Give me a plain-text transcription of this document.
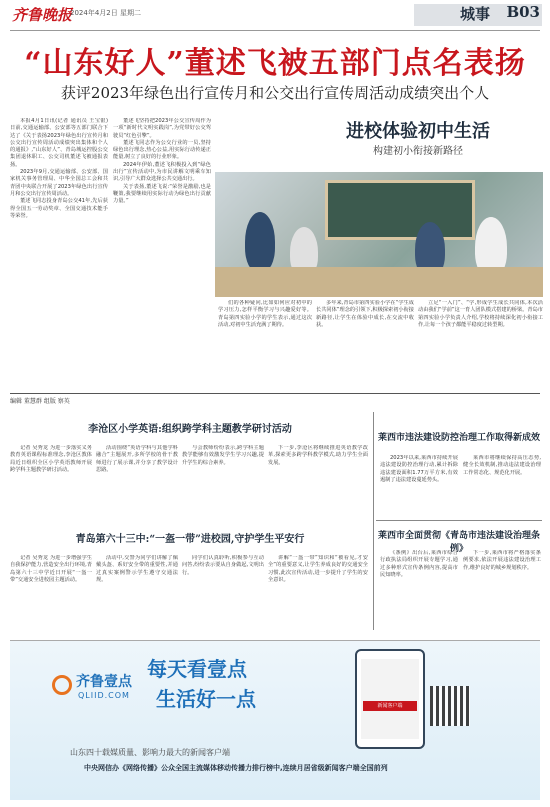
齐鲁晚报
2024年4月2日 星期二	城事 B03
“山东好人”董述飞被五部门点名表扬
获评2023年绿色出行宣传月和公交出行宣传周活动成绩突出个人

本报4月1日讯(记者 通讯员 王宝银) 日前,交通运输部、公安部等五部门联合下达了《关于表扬2023年绿色出行宣传月和公交出行宣传周活动成绩突出集体和个人的通报》,“山东好人”、青岛城运控股公交集团退休职工、公交司机董述飞被通报表扬。

2023年9月,交通运输部、公安部、国家机关事务管理局、中华全国总工会和共青团中央联合开展了2023年绿色出行宣传月和公交出行宣传周活动。

董述飞同志投身青岛公交41年,先后获得全国五一劳动奖章、全国交通技术能手等荣誉。

董述飞坚持把2023年公交宣传周作为一项“新时代文明实践岗”,为党带好公交驾驶员“红色引擎”。

董述飞同志作为公交行业的一员,坚持绿色出行理念,热心公益,用实际行动传递正能量,树立了良好的行业形象。

2024年伊始,董述飞积极投入到“绿色出行”宣传活动中,为市民讲解文明乘车知识,引导广大群众选择公共交通出行。

关于表扬,董述飞说:“荣誉是激励,也是鞭策,我要继续用实际行动为绿色出行贡献力量。”

进校体验初中生活
构建初小衔接新路径

们的各种疑问,比如如何应对初中的学习压力,怎样平衡学习与兴趣爱好等。青岛第四实验小学的学生表示,通过这次活动,对初中生活充满了期待。

多年来,青岛市第四实验小学在“学生成长共同体”理念的引领下,积极探索初小衔接新路径,让学生在体验中成长,在交流中收获。

立足“一入门”、“学,形成学生成长共同体,本次活动由我们“学前”这一育人团队模式搭建的桥梁。青岛市第四实验小学负责人介绍,学校将持续深化初小衔接工作,让每一个孩子都能平稳度过转型期。

编辑 董慧群 组版 察英
李沧区小学英语:组织跨学科主题教学研讨活动

记者 吴秀龙 为进一步落实义务教育英语课程标准理念,李沧区教体局近日组织全区小学英语教师开展跨学科主题教学研讨活动。

活动围绕“英语学科与其他学科融合”主题展开,多所学校的骨干教师进行了展示课,并分享了教学设计思路。

与会教师纷纷表示,跨学科主题教学能够有效激发学生学习兴趣,提升学生的综合素养。

下一步,李沧区将继续推进英语教学改革,探索更多跨学科教学模式,助力学生全面发展。

青岛第六十三中:“一盔一带”进校园,守护学生平安行

记者 吴秀龙 为进一步增强学生自我保护能力,营造安全出行环境,青岛第六十三中学近日开展“一盔一带”交通安全进校园主题活动。

活动中,交警为同学们讲解了佩戴头盔、系好安全带的重要性,并通过真实案例警示学生遵守交通法规。

同学们认真聆听,积极参与互动问答,纷纷表示要从自身做起,文明出行。

讲解“一盔一带”知识和“被看见,才安全”的重要意义,让学生养成良好的交通安全习惯,此次宣传活动,进一步提升了学生的安全意识。

莱西市违法建设防控治理工作取得新成效

2023年以来,莱西市持续开展违法建设防控治理行动,累计拆除违法建设面积1.77万平方米,有效遏制了违法建设蔓延势头。

莱西市将继续保持高压态势,健全长效机制,推动违法建设治理工作常态化、规范化开展。

莱西市全面贯彻《青岛市违法建设治理条例》

《条例》出台后,莱西市综合行政执法局组织开展专题学习,通过多种形式宣传条例内容,提高市民知晓率。

下一步,莱西市将严格落实条例要求,依法开展违法建设治理工作,维护良好的城乡规划秩序。

齐鲁壹点
QLIID.COM
每天看壹点
生活好一点	新闻客户端
山东四十载媒质量、影响力最大的新闻客户端
中央网信办《网络传播》公众全国主流媒体移动传播力排行榜中,连续月居省级新闻客户端全国前列
